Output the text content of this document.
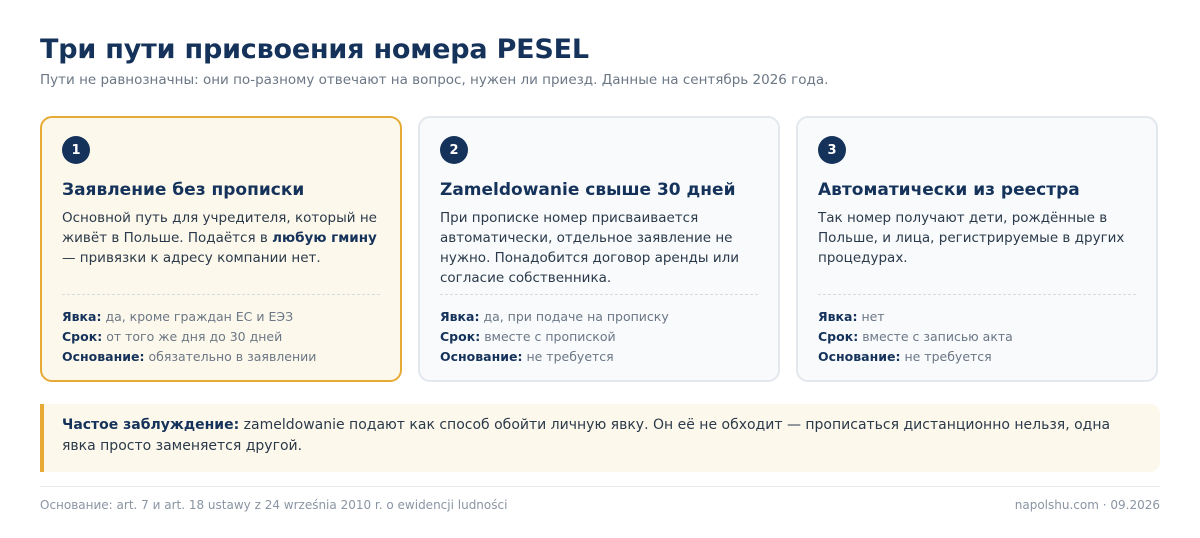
Три пути присвоения номера PESEL
Пути не равнозначны: они по-разному отвечают на вопрос, нужен ли приезд. Данные на сентябрь 2026 года.
1
Заявление без прописки
Основной путь для учредителя, который не живёт в Польше. Подаётся в любую гмину — привязки к адресу компании нет.
Явка: да, кроме граждан ЕС и ЕЭЗ
Срок: от того же дня до 30 дней
Основание: обязательно в заявлении
2
Zameldowanie свыше 30 дней
При прописке номер присваивается автоматически, отдельное заявление не нужно. Понадобится договор аренды или согласие собственника.
Явка: да, при подаче на прописку
Срок: вместе с пропиской
Основание: не требуется
3
Автоматически из реестра
Так номер получают дети, рождённые в Польше, и лица, регистрируемые в других процедурах.
Явка: нет
Срок: вместе с записью акта
Основание: не требуется
Частое заблуждение: zameldowanie подают как способ обойти личную явку. Он её не обходит — прописаться дистанционно нельзя, одна явка просто заменяется другой.
Основание: art. 7 и art. 18 ustawy z 24 września 2010 r. o ewidencji ludności	napolshu.com · 09.2026
